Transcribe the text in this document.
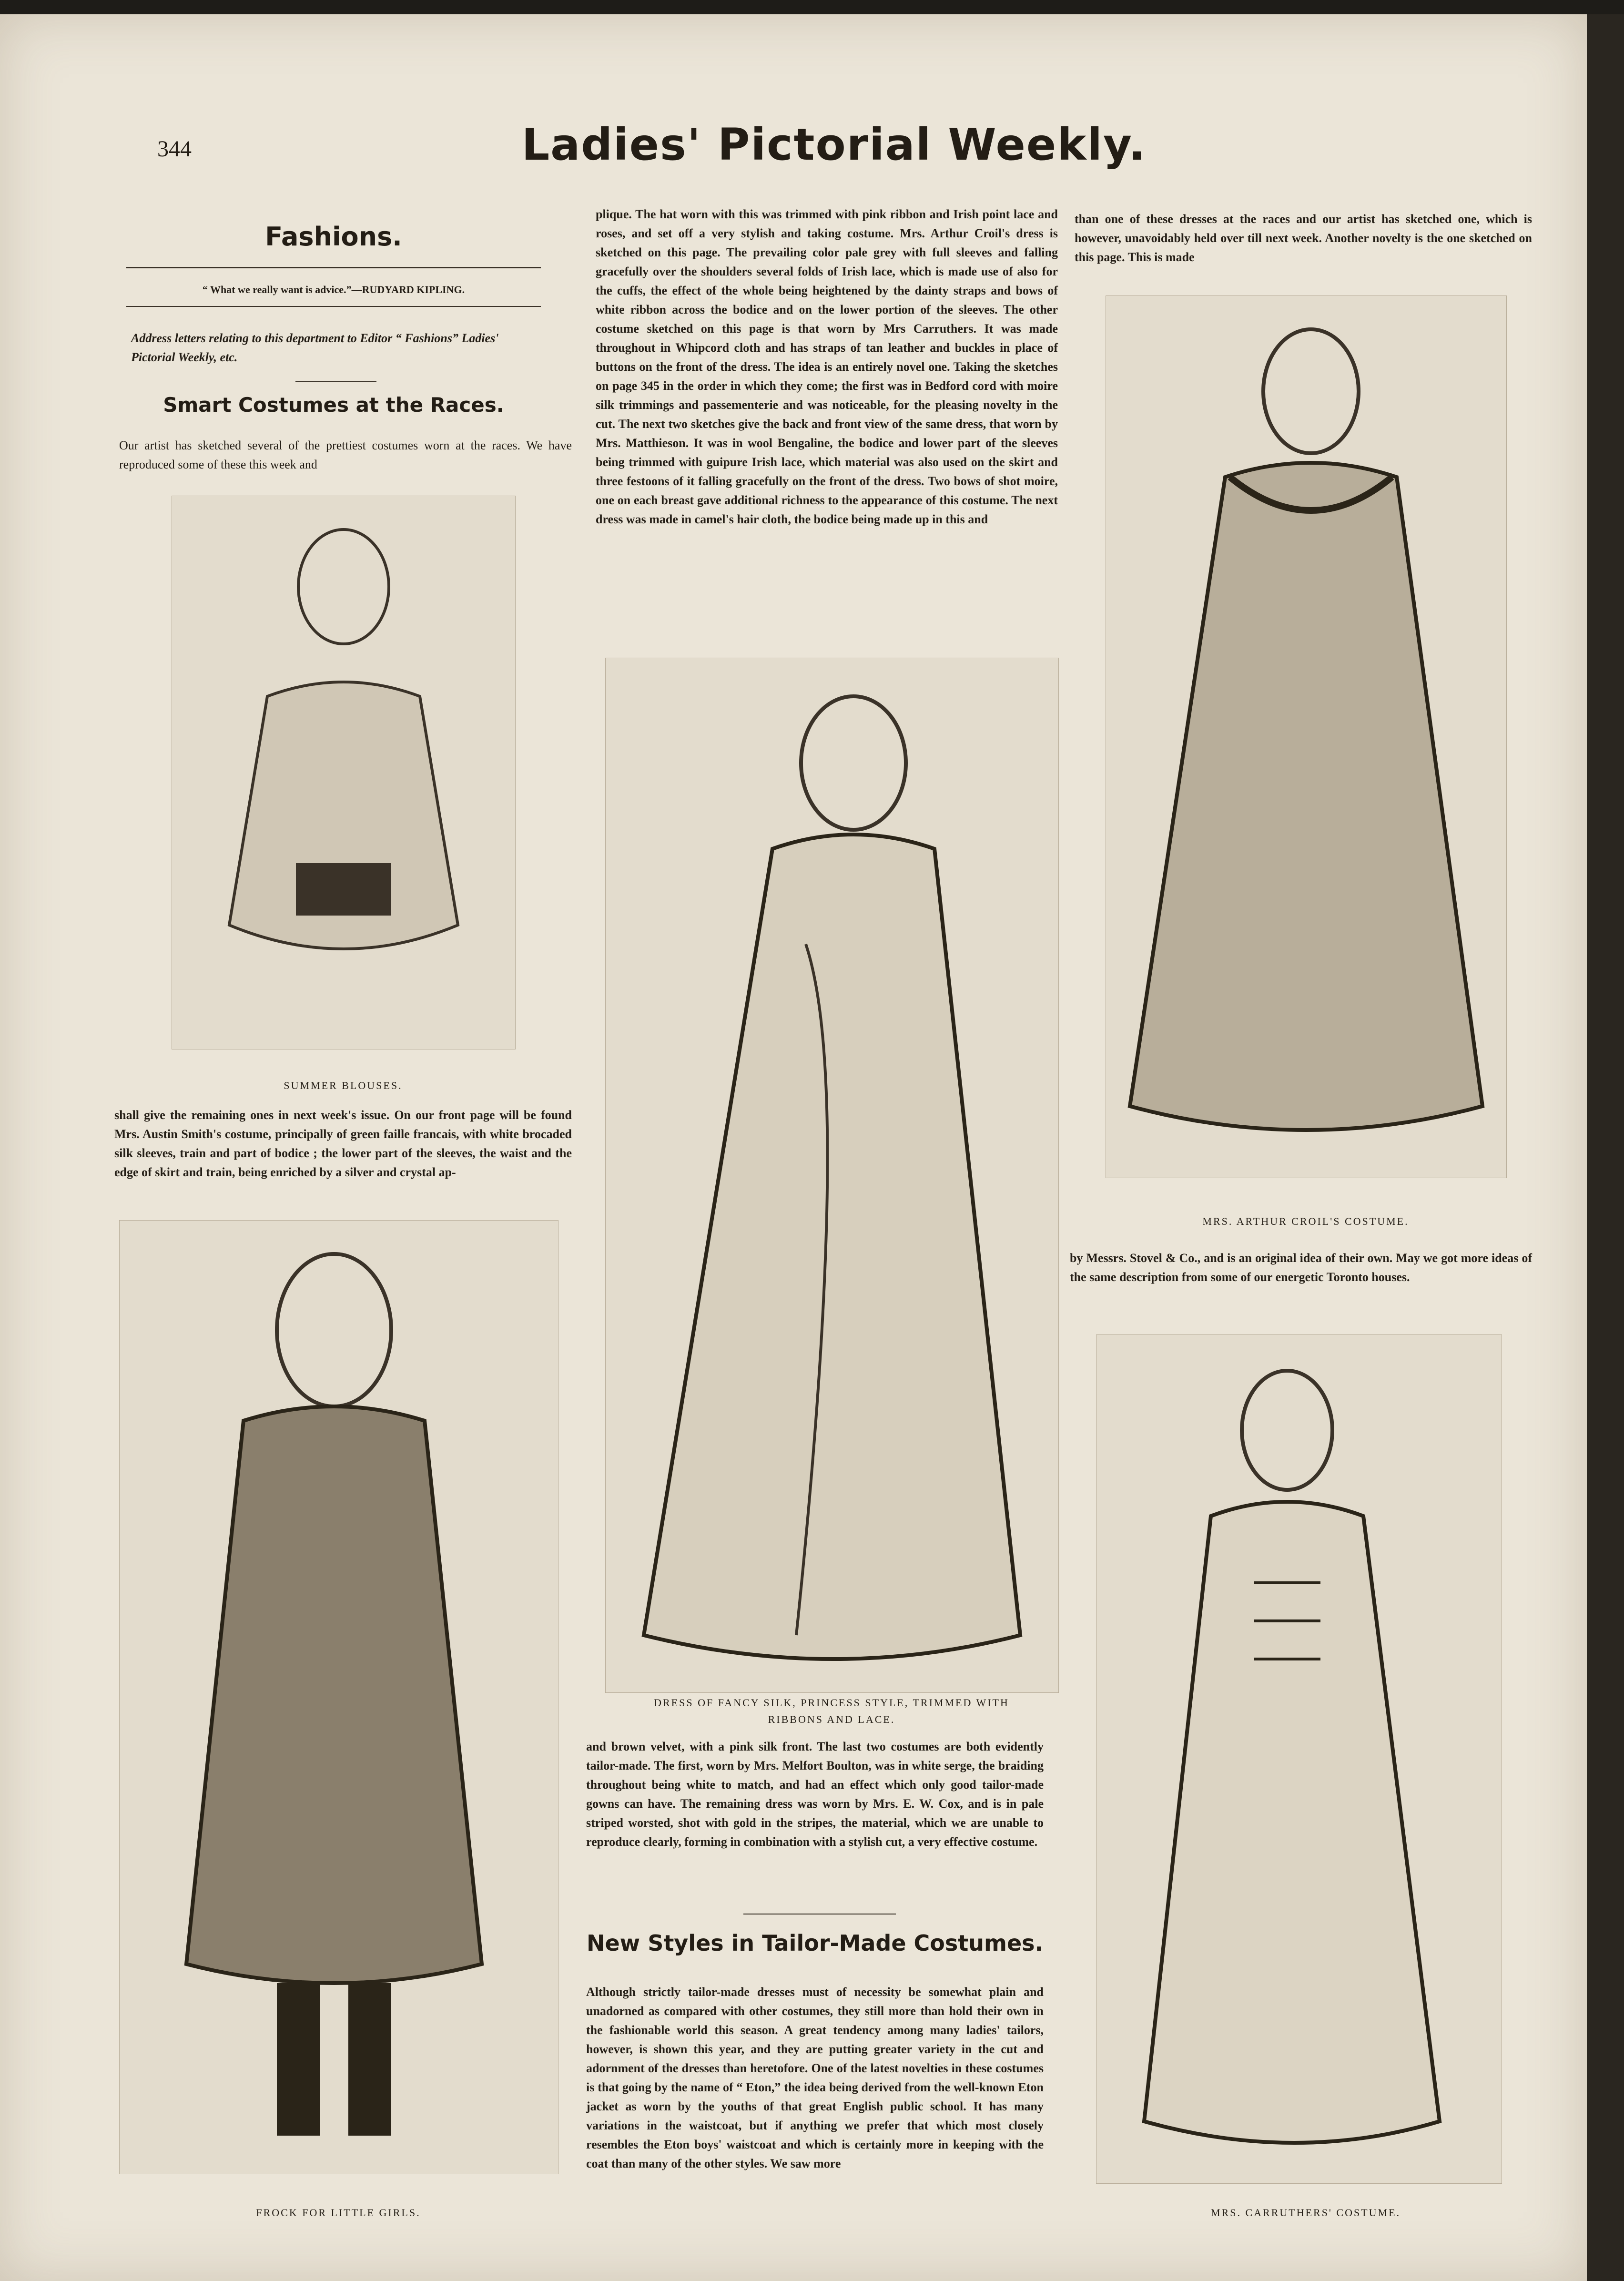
344	Ladies' Pictorial Weekly.
Fashions.
“ What we really want is advice.”—RUDYARD KIPLING.
Address letters relating to this department to Editor “ Fashions” Ladies' Pictorial Weekly, etc.
Smart Costumes at the Races.
Our artist has sketched several of the prettiest costumes worn at the races. We have reproduced some of these this week and
SUMMER BLOUSES.
shall give the remaining ones in next week's issue. On our front page will be found Mrs. Austin Smith's costume, principally of green faille francais, with white brocaded silk sleeves, train and part of bodice ; the lower part of the sleeves, the waist and the edge of skirt and train, being enriched by a silver and crystal ap-
FROCK FOR LITTLE GIRLS.
plique. The hat worn with this was trimmed with pink ribbon and Irish point lace and roses, and set off a very stylish and taking costume. Mrs. Arthur Croil's dress is sketched on this page. The prevailing color pale grey with full sleeves and falling gracefully over the shoulders several folds of Irish lace, which is made use of also for the cuffs, the effect of the whole being heightened by the dainty straps and bows of white ribbon across the bodice and on the lower portion of the sleeves. The other costume sketched on this page is that worn by Mrs Carruthers. It was made throughout in Whipcord cloth and has straps of tan leather and buckles in place of buttons on the front of the dress. The idea is an entirely novel one. Taking the sketches on page 345 in the order in which they come; the first was in Bedford cord with moire silk trimmings and passementerie and was noticeable, for the pleasing novelty in the cut. The next two sketches give the back and front view of the same dress, that worn by Mrs. Matthieson. It was in wool Bengaline, the bodice and lower part of the sleeves being trimmed with guipure Irish lace, which material was also used on the skirt and three festoons of it falling gracefully on the front of the dress. Two bows of shot moire, one on each breast gave additional richness to the appearance of this costume. The next dress was made in camel's hair cloth, the bodice being made up in this and
DRESS OF FANCY SILK, PRINCESS STYLE, TRIMMED WITH
RIBBONS AND LACE.
and brown velvet, with a pink silk front. The last two costumes are both evidently tailor-made. The first, worn by Mrs. Melfort Boulton, was in white serge, the braiding throughout being white to match, and had an effect which only good tailor-made gowns can have. The remaining dress was worn by Mrs. E. W. Cox, and is in pale striped worsted, shot with gold in the stripes, the material, which we are unable to reproduce clearly, forming in combination with a stylish cut, a very effective costume.
New Styles in Tailor-Made Costumes.
Although strictly tailor-made dresses must of necessity be somewhat plain and unadorned as compared with other costumes, they still more than hold their own in the fashionable world this season. A great tendency among many ladies' tailors, however, is shown this year, and they are putting greater variety in the cut and adornment of the dresses than heretofore. One of the latest novelties in these costumes is that going by the name of “ Eton,” the idea being derived from the well-known Eton jacket as worn by the youths of that great English public school. It has many variations in the waistcoat, but if anything we prefer that which most closely resembles the Eton boys' waistcoat and which is certainly more in keeping with the coat than many of the other styles. We saw more
than one of these dresses at the races and our artist has sketched one, which is however, unavoidably held over till next week. Another novelty is the one sketched on this page. This is made
MRS. ARTHUR CROIL'S COSTUME.
by Messrs. Stovel & Co., and is an original idea of their own. May we got more ideas of the same description from some of our energetic Toronto houses.
MRS. CARRUTHERS' COSTUME.
